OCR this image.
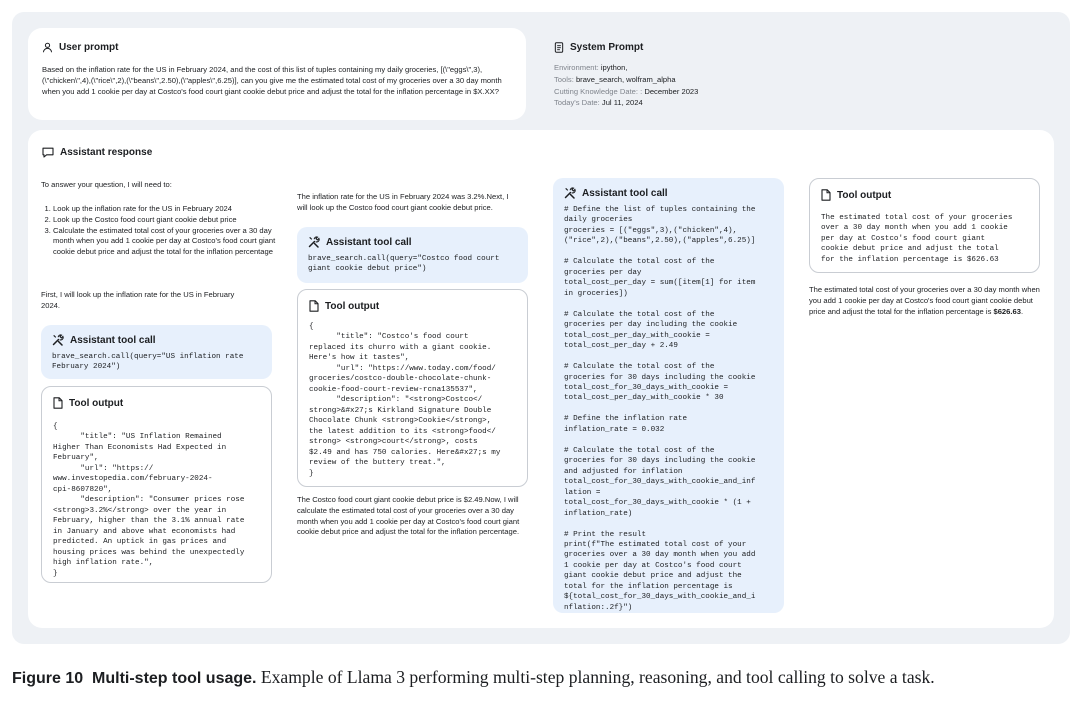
User prompt
Based on the inflation rate for the US in February 2024, and the cost of this list of tuples containing my daily groceries, [(\"eggs\",3),(\"chicken\",4),(\"rice\",2),(\"beans\",2.50),(\"apples\",6.25)], can you give me the estimated total cost of my groceries over a 30 day month when you add 1 cookie per day at Costco's food court giant cookie debut price and adjust the total for the inflation percentage in $X.XX?
System Prompt
Environment: ipython,
Tools: brave_search, wolfram_alpha
Cutting Knowledge Date: : December 2023
Today's Date: Jul 11, 2024
Assistant response
To answer your question, I will need to:
1. Look up the inflation rate for the US in February 2024
2. Look up the Costco food court giant cookie debut price
3. Calculate the estimated total cost of your groceries over a 30 day month when you add 1 cookie per day at Costco's food court giant cookie debut price and adjust the total for the inflation percentage
First, I will look up the inflation rate for the US in February 2024.
Assistant tool call
brave_search.call(query="US inflation rate
February 2024")
Tool output
{
"title": "US Inflation Remained
Higher Than Economists Had Expected in
February",
"url": "https://
www.investopedia.com/february-2024-
cpi-8607820",
"description": "Consumer prices rose
<strong>3.2%</strong> over the year in
February, higher than the 3.1% annual rate
in January and above what economists had
predicted. An uptick in gas prices and
housing prices was behind the unexpectedly
high inflation rate.",
}
The inflation rate for the US in February 2024 was 3.2%.Next, I will look up the Costco food court giant cookie debut price.
Assistant tool call
brave_search.call(query="Costco food court
giant cookie debut price")
Tool output
{
"title": "Costco's food court
replaced its churro with a giant cookie.
Here's how it tastes",
"url": "https://www.today.com/food/
groceries/costco-double-chocolate-chunk-
cookie-food-court-review-rcna135537",
"description": "<strong>Costco</
strong>&#x27;s Kirkland Signature Double
Chocolate Chunk <strong>Cookie</strong>,
the latest addition to its <strong>food</
strong> <strong>court</strong>, costs
$2.49 and has 750 calories. Here&#x27;s my
review of the buttery treat.",
}
The Costco food court giant cookie debut price is $2.49.Now, I will calculate the estimated total cost of your groceries over a 30 day month when you add 1 cookie per day at Costco's food court giant cookie debut price and adjust the total for the inflation percentage.
Assistant tool call
# Define the list of tuples containing the
daily groceries
groceries = [("eggs",3),("chicken",4),
("rice",2),("beans",2.50),("apples",6.25)]

# Calculate the total cost of the
groceries per day
total_cost_per_day = sum([item[1] for item
in groceries])

# Calculate the total cost of the
groceries per day including the cookie
total_cost_per_day_with_cookie =
total_cost_per_day + 2.49

# Calculate the total cost of the
groceries for 30 days including the cookie
total_cost_for_30_days_with_cookie =
total_cost_per_day_with_cookie * 30

# Define the inflation rate
inflation_rate = 0.032

# Calculate the total cost of the
groceries for 30 days including the cookie
and adjusted for inflation
total_cost_for_30_days_with_cookie_and_inf
lation =
total_cost_for_30_days_with_cookie * (1 +
inflation_rate)

# Print the result
print(f"The estimated total cost of your
groceries over a 30 day month when you add
1 cookie per day at Costco's food court
giant cookie debut price and adjust the
total for the inflation percentage is
${total_cost_for_30_days_with_cookie_and_i
nflation:.2f}")
Tool output
The estimated total cost of your groceries
over a 30 day month when you add 1 cookie
per day at Costco's food court giant
cookie debut price and adjust the total
for the inflation percentage is $626.63
The estimated total cost of your groceries over a 30 day month when you add 1 cookie per day at Costco's food court giant cookie debut price and adjust the total for the inflation percentage is $626.63.
Figure 10 Multi-step tool usage. Example of Llama 3 performing multi-step planning, reasoning, and tool calling to solve a task.
